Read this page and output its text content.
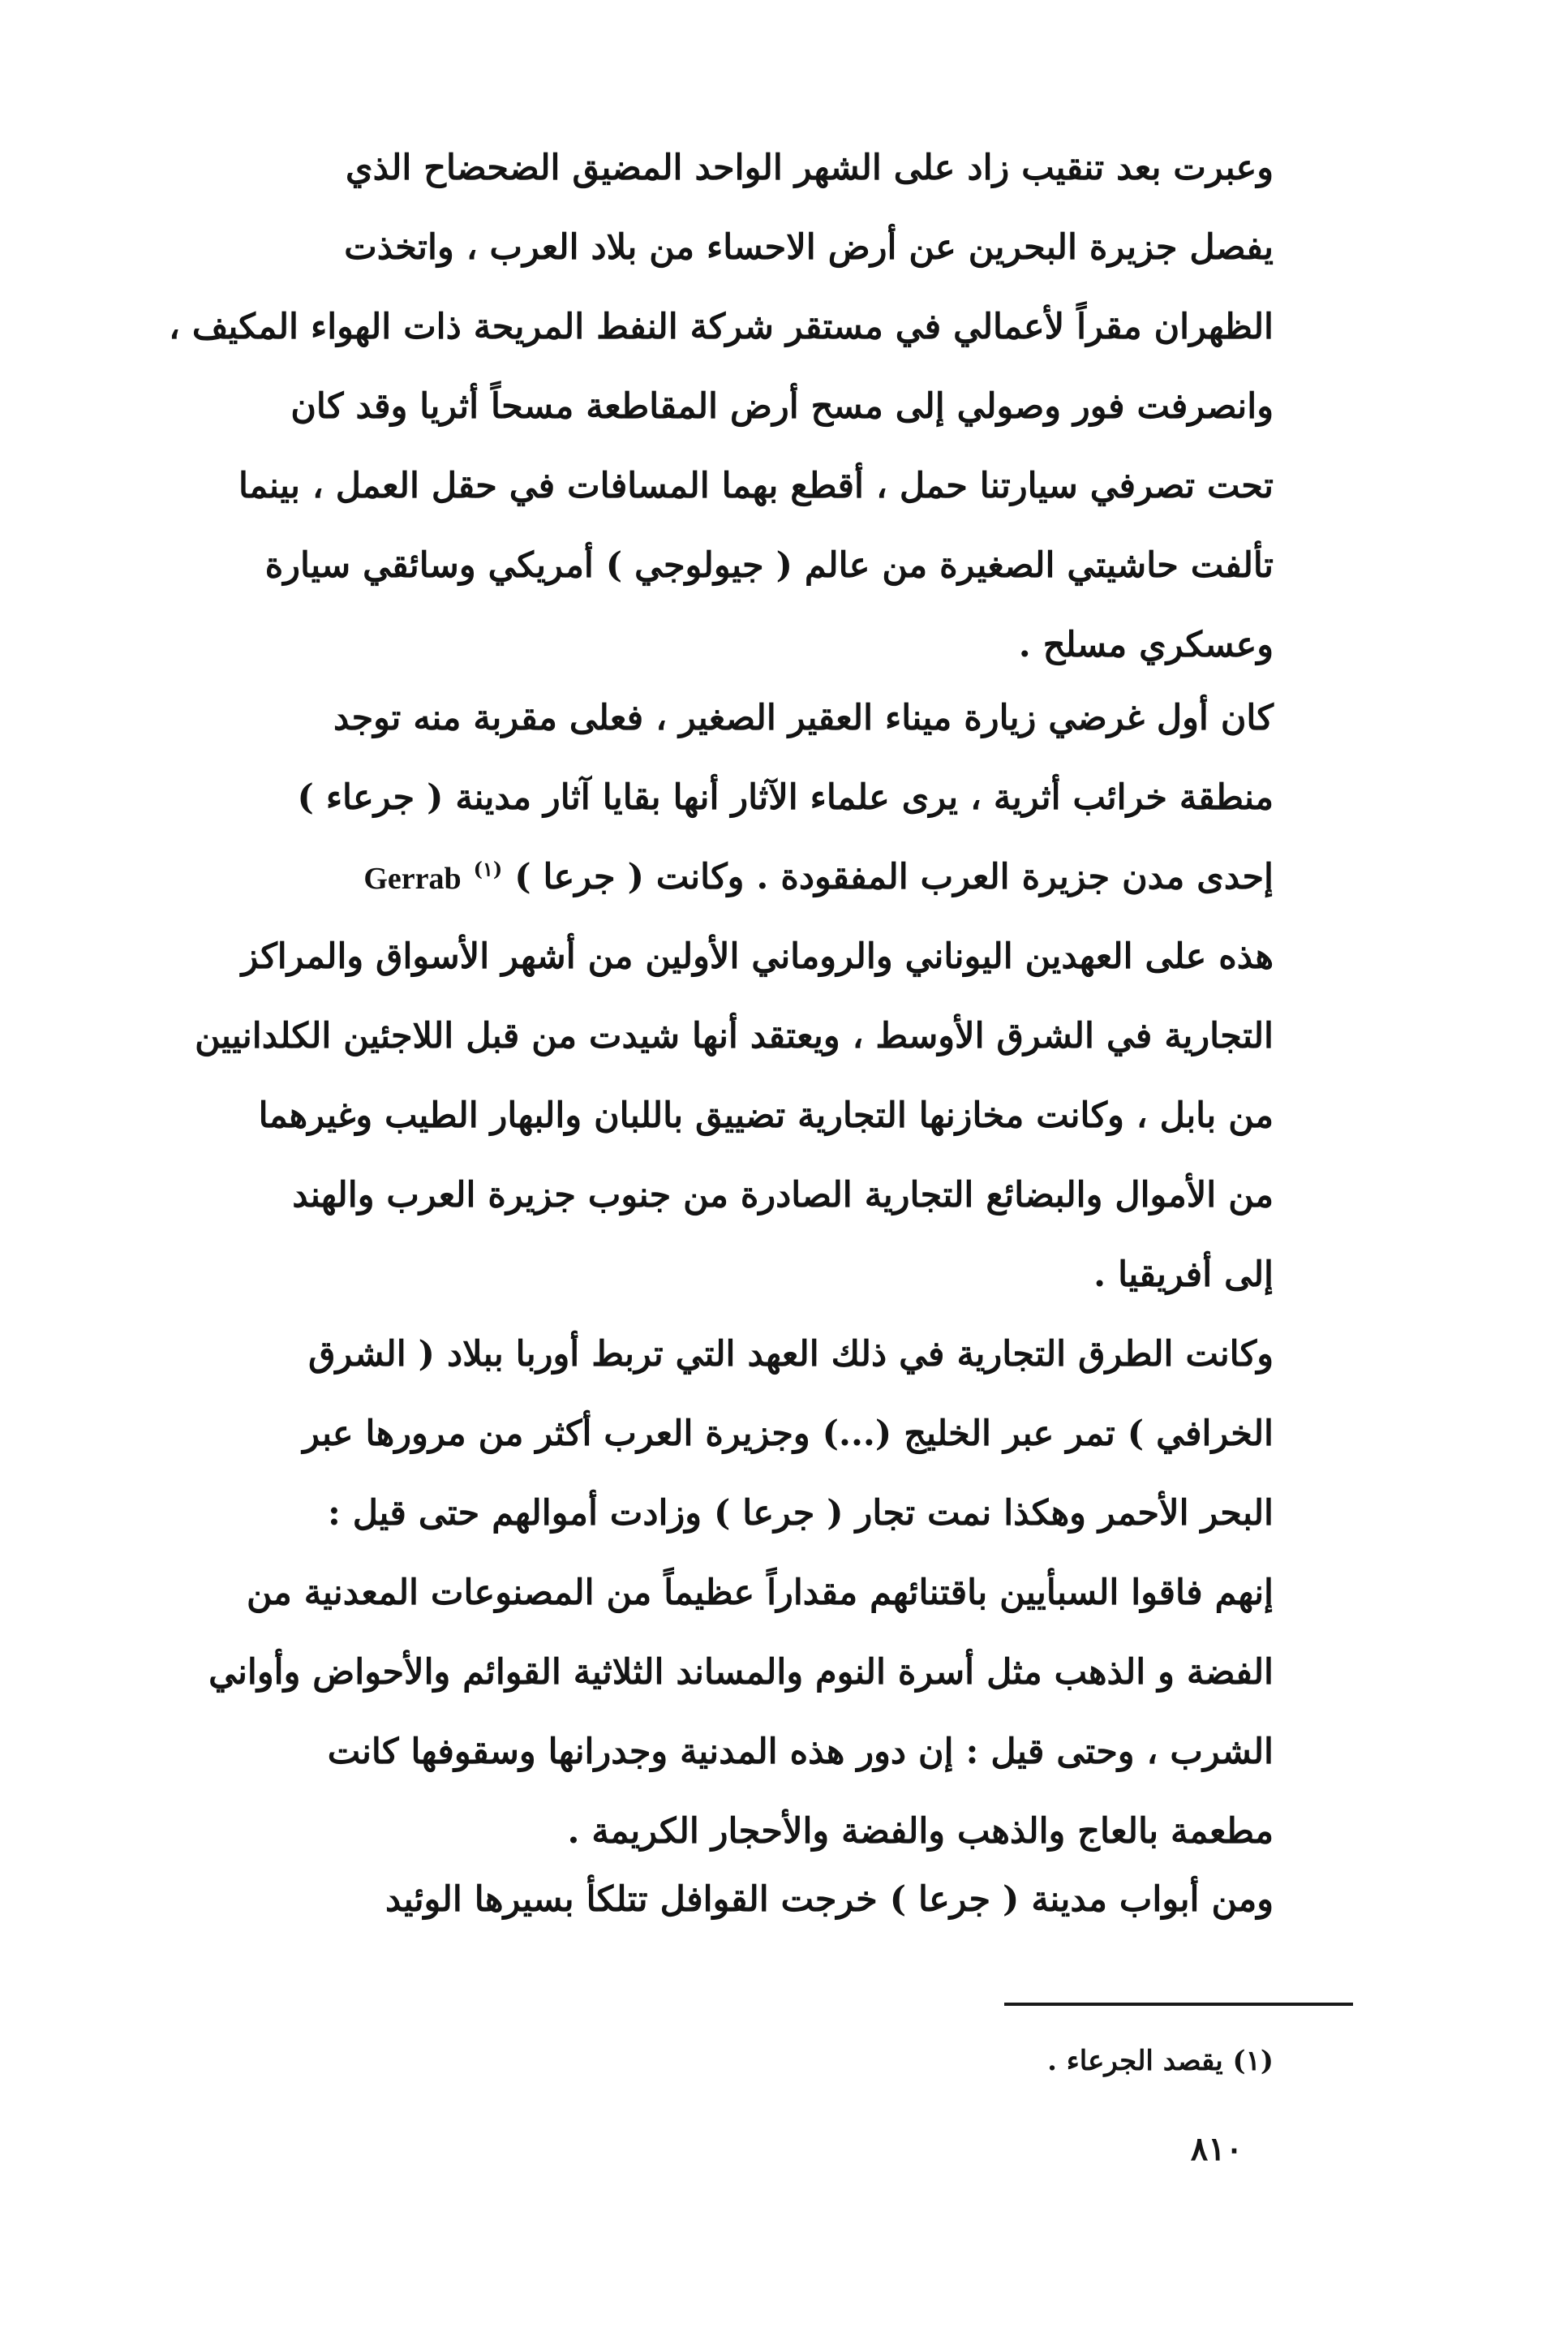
وعبرت بعد تنقيب زاد على الشهر الواحد المضيق الضحضاح الذي
يفصل جزيرة البحرين عن أرض الاحساء من بلاد العرب ، واتخذت
الظهران مقراً لأعمالي في مستقر شركة النفط المريحة ذات الهواء المكيف ،
وانصرفت فور وصولي إلى مسح أرض المقاطعة مسحاً أثريا وقد كان
تحت تصرفي سيارتنا حمل ، أقطع بهما المسافات في حقل العمل ، بينما
تألفت حاشيتي الصغيرة من عالم ( جيولوجي ) أمريكي وسائقي سيارة
وعسكري مسلح .
كان أول غرضي زيارة ميناء العقير الصغير ، فعلى مقربة منه توجد
منطقة خرائب أثرية ، يرى علماء الآثار أنها بقايا آثار مدينة ( جرعاء )
إحدى مدن جزيرة العرب المفقودة . وكانت ( جرعا ) $^{(١)}$ Gerrab
هذه على العهدين اليوناني والروماني الأولين من أشهر الأسواق والمراكز
التجارية في الشرق الأوسط ، ويعتقد أنها شيدت من قبل اللاجئين الكلدانيين
من بابل ، وكانت مخازنها التجارية تضييق باللبان والبهار الطيب وغيرهما
من الأموال والبضائع التجارية الصادرة من جنوب جزيرة العرب والهند
إلى أفريقيا .
وكانت الطرق التجارية في ذلك العهد التي تربط أوربا ببلاد ( الشرق
الخرافي ) تمر عبر الخليج (...) وجزيرة العرب أكثر من مرورها عبر
البحر الأحمر وهكذا نمت تجار ( جرعا ) وزادت أموالهم حتى قيل :
إنهم فاقوا السبأيين باقتنائهم مقداراً عظيماً من المصنوعات المعدنية من
الفضة و الذهب مثل أسرة النوم والمساند الثلاثية القوائم والأحواض وأواني
الشرب ، وحتى قيل : إن دور هذه المدنية وجدرانها وسقوفها كانت
مطعمة بالعاج والذهب والفضة والأحجار الكريمة .
ومن أبواب مدينة ( جرعا ) خرجت القوافل تتلكأ بسيرها الوئيد
(١) يقصد الجرعاء .
٨١٠
